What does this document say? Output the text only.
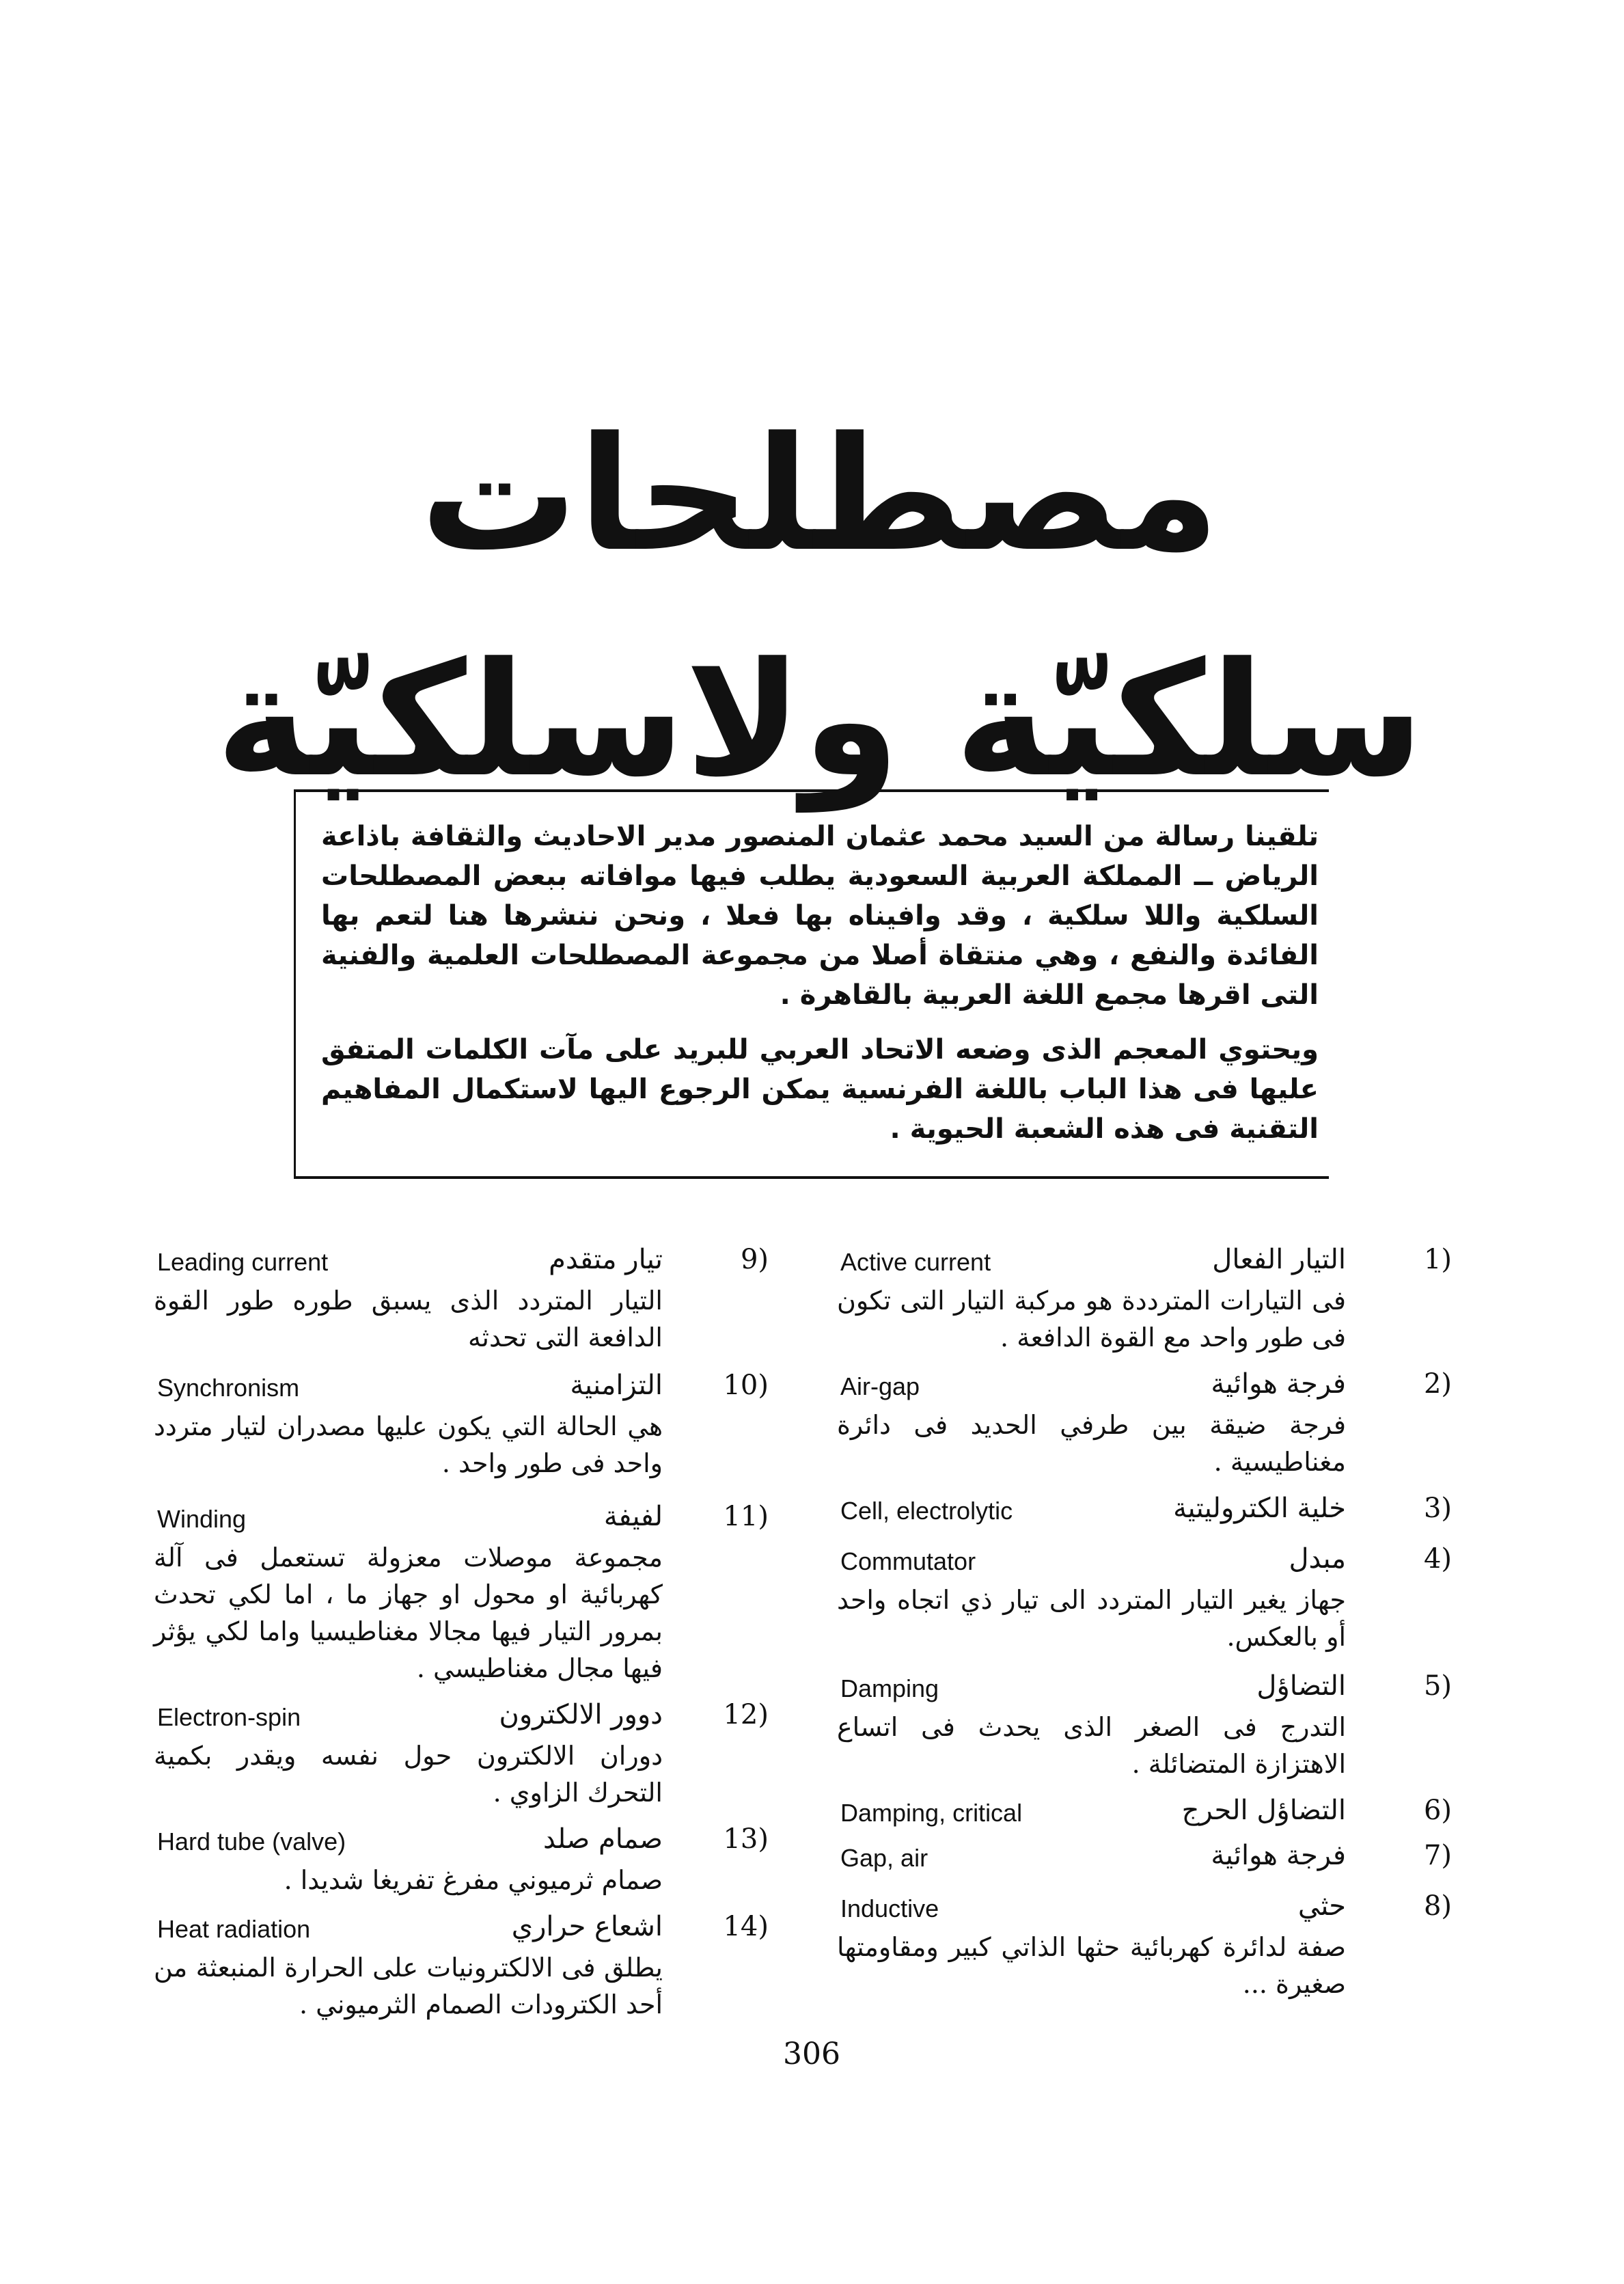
مصطلحات سلكيّة ولاسلكيّة

تلقينا رسالة من السيد محمد عثمان المنصور مدير الاحاديث والثقافة باذاعة الرياض ــ المملكة العربية السعودية يطلب فيها موافاته ببعض المصطلحات السلكية واللا سلكية ، وقد وافيناه بها فعلا ، ونحن ننشرها هنا لتعم بها الفائدة والنفع ، وهي منتقاة أصلا من مجموعة المصطلحات العلمية والفنية التى اقرها مجمع اللغة العربية بالقاهرة .

ويحتوي المعجم الذى وضعه الاتحاد العربي للبريد على مآت الكلمات المتفق عليها فى هذا الباب باللغة الفرنسية يمكن الرجوع اليها لاستكمال المفاهيم التقنية فى هذه الشعبة الحيوية .

Active current	التيار الفعال	1)
فى التيارات المترددة هو مركبة التيار التى تكون فى طور واحد مع القوة الدافعة .
Air-gap	فرجة هوائية	2)
فرجة ضيقة بين طرفي الحديد فى دائرة مغناطيسية .
Cell, electrolytic	خلية الكتروليتية	3)
Commutator	مبدل	4)
جهاز يغير التيار المتردد الى تيار ذي اتجاه واحد أو بالعكس.
Damping	التضاؤل	5)
التدرج فى الصغر الذى يحدث فى اتساع الاهتزازة المتضائلة .
Damping, critical	التضاؤل الحرج	6)
Gap, air	فرجة هوائية	7)
Inductive	حثي	8)
صفة لدائرة كهربائية حثها الذاتي كبير ومقاومتها صغيرة ...
Leading current	تيار متقدم	9)
التيار المتردد الذى يسبق طوره طور القوة الدافعة التى تحدثه
Synchronism	التزامنية 10)
هي الحالة التي يكون عليها مصدران لتيار متردد واحد فى طور واحد .
Winding	لفيفة 11)
مجموعة موصلات معزولة تستعمل فى آلة كهربائية او محول او جهاز ما ، اما لكي تحدث بمرور التيار فيها مجالا مغناطيسيا واما لكي يؤثر فيها مجال مغناطيسي .
Electron-spin	دوور الالكترون 12)
دوران الالكترون حول نفسه ويقدر بكمية التحرك الزاوي .
Hard tube (valve)	صمام صلد 13)
صمام ثرميوني مفرغ تفريغا شديدا .
Heat radiation	اشعاع حراري 14)
يطلق فى الالكترونيات على الحرارة المنبعثة من أحد الكترودات الصمام الثرميوني .
306
